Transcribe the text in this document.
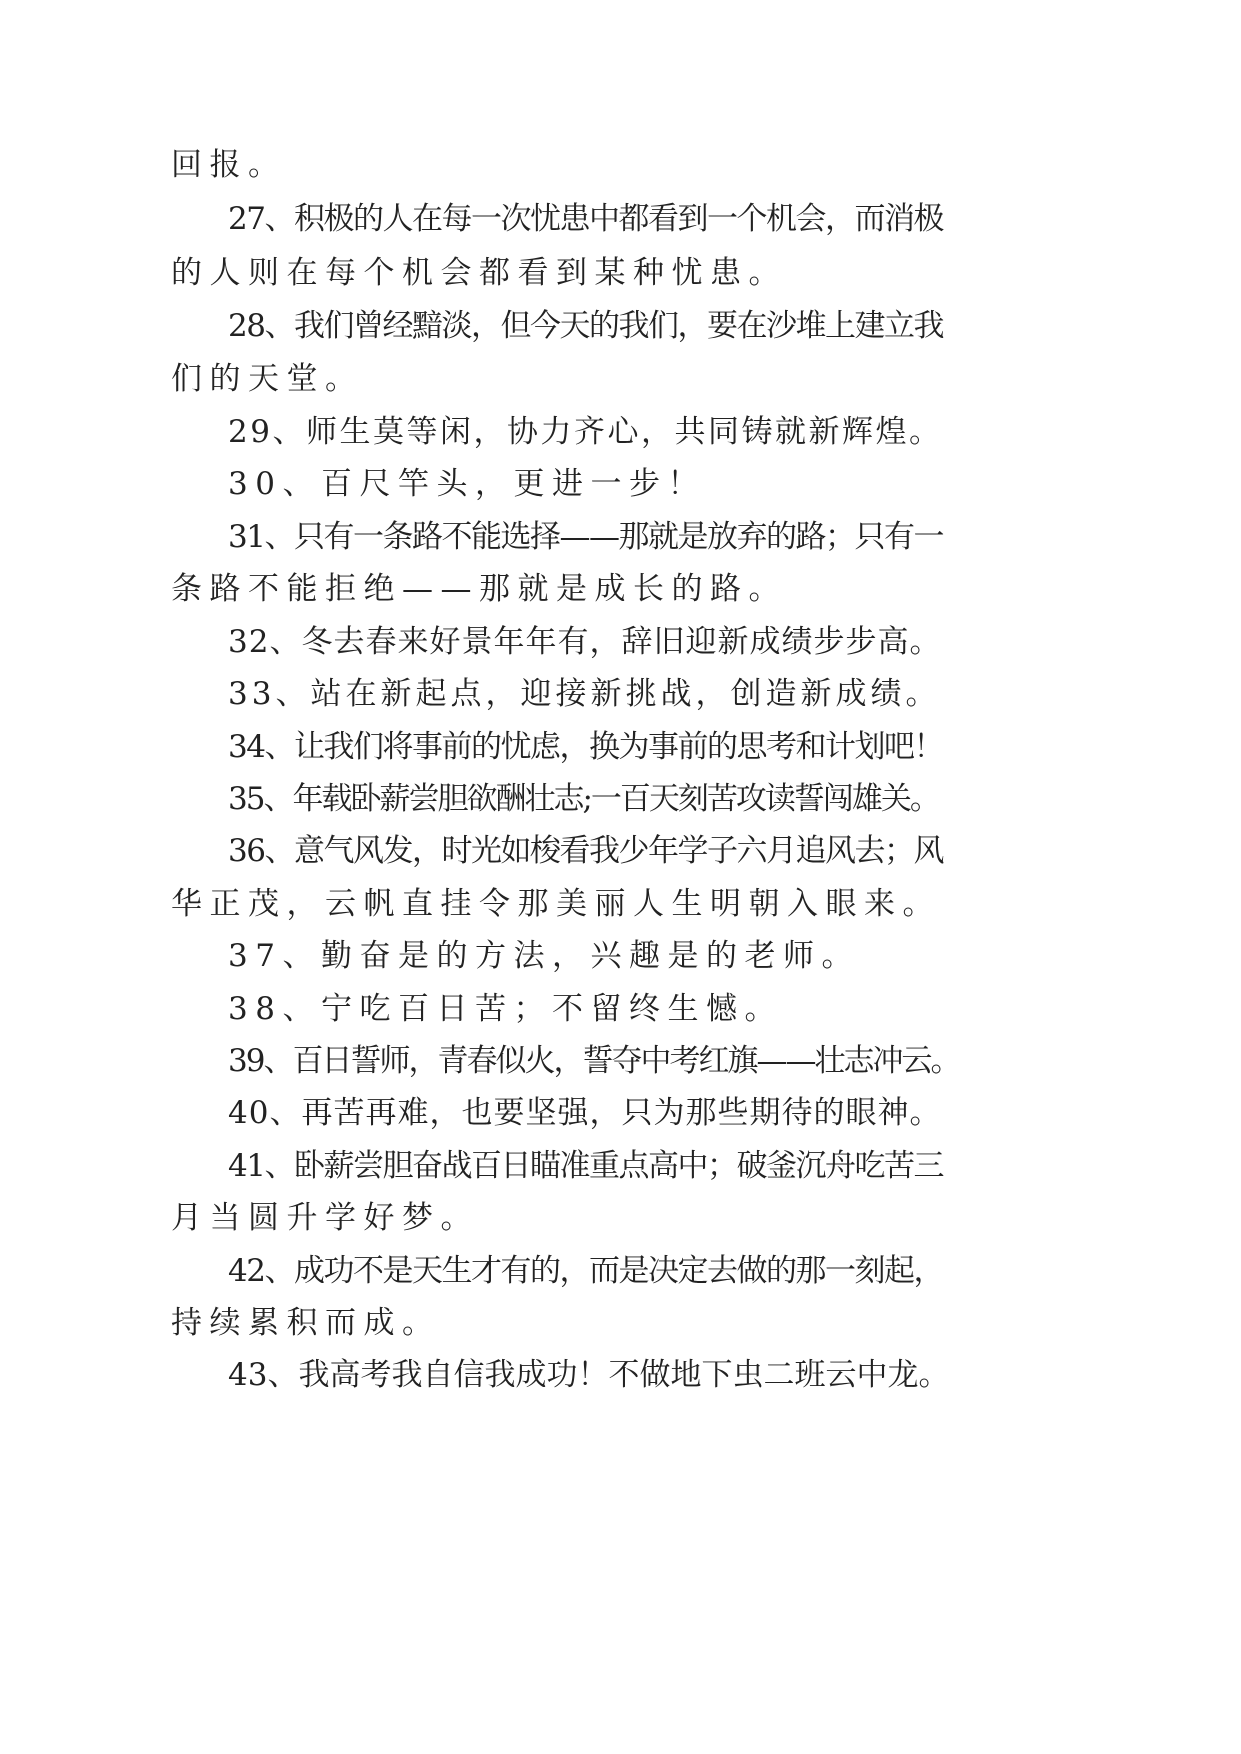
回报。
27、积极的人在每一次忧患中都看到一个机会，而消极
的人则在每个机会都看到某种忧患。
28、我们曾经黯淡，但今天的我们，要在沙堆上建立我
们的天堂。
29、师生莫等闲，协力齐心，共同铸就新辉煌。
30、百尺竿头，更进一步！
31、只有一条路不能选择——那就是放弃的路；只有一
条路不能拒绝——那就是成长的路。
32、冬去春来好景年年有，辞旧迎新成绩步步高。
33、站在新起点，迎接新挑战，创造新成绩。
34、让我们将事前的忧虑，换为事前的思考和计划吧！
35、年载卧薪尝胆欲酬壮志;一百天刻苦攻读誓闯雄关。
36、意气风发，时光如梭看我少年学子六月追风去；风
华正茂，云帆直挂令那美丽人生明朝入眼来。
37、勤奋是的方法，兴趣是的老师。
38、宁吃百日苦；不留终生憾。
39、百日誓师，青春似火，誓夺中考红旗——壮志冲云。
40、再苦再难，也要坚强，只为那些期待的眼神。
41、卧薪尝胆奋战百日瞄准重点高中；破釜沉舟吃苦三
月当圆升学好梦。
42、成功不是天生才有的，而是决定去做的那一刻起，
持续累积而成。
43、我高考我自信我成功！不做地下虫二班云中龙。
